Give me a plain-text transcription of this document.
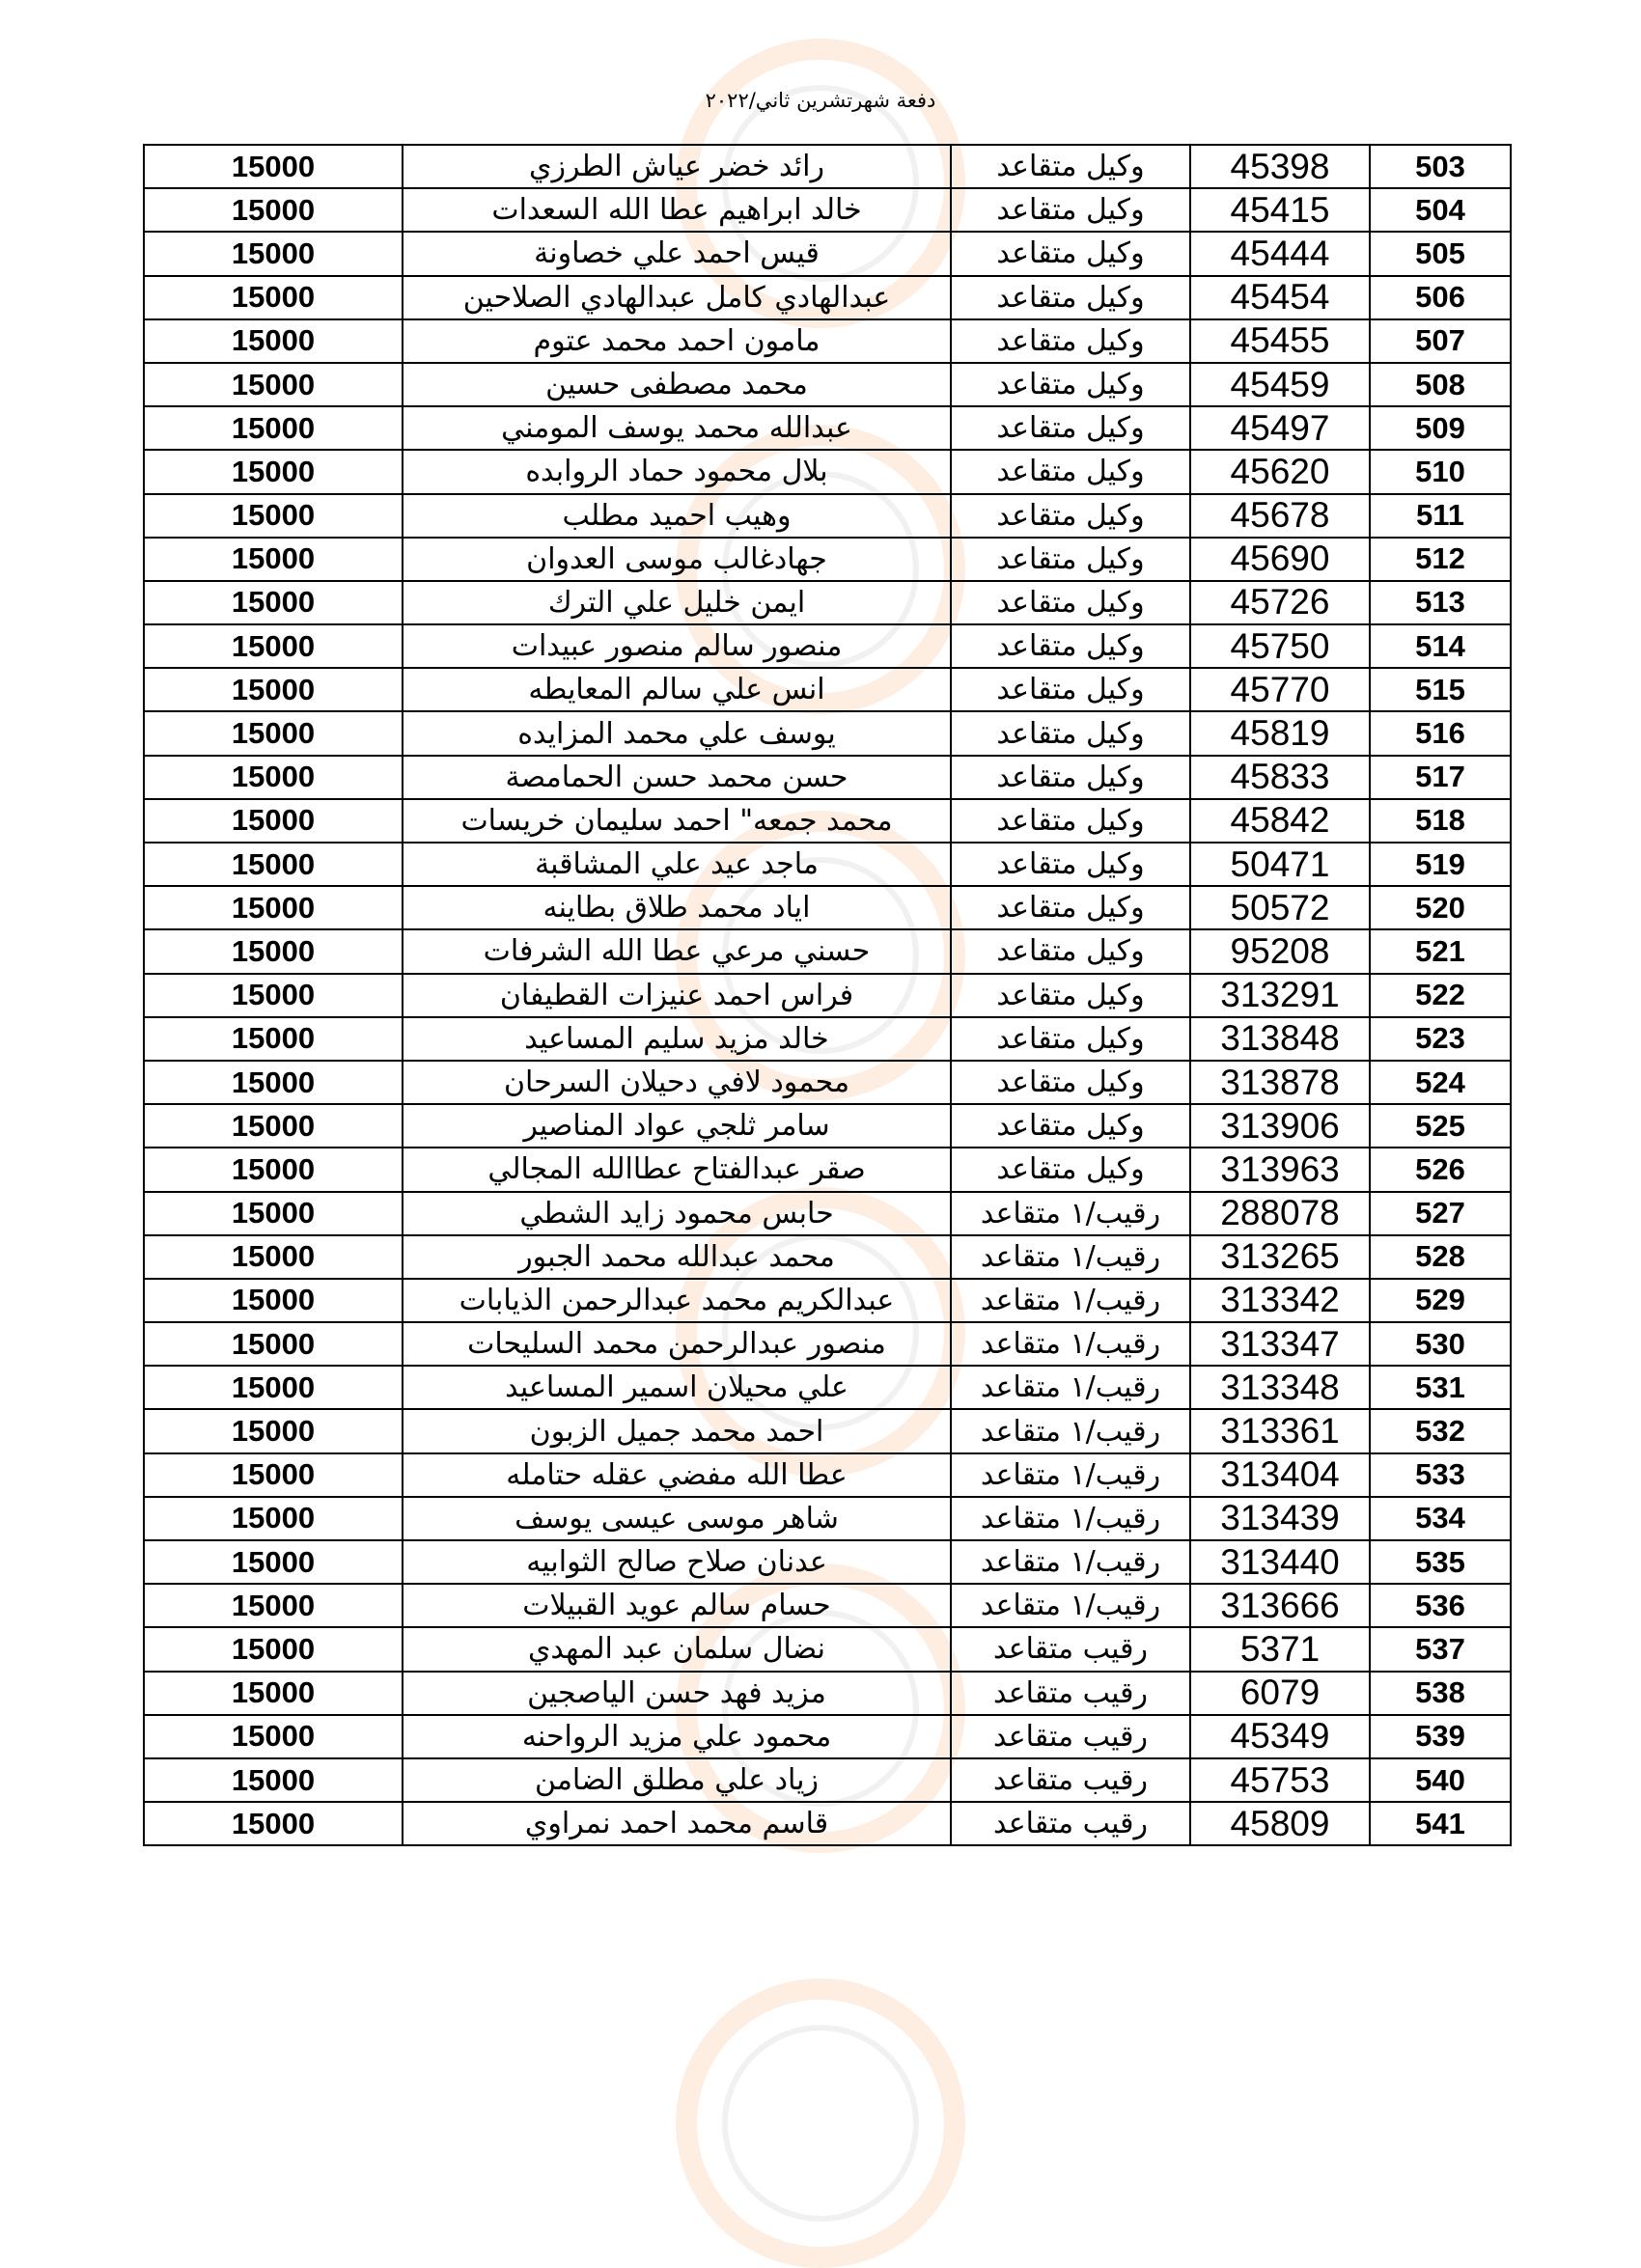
دفعة شهرتشرين ثاني/٢٠٢٢
15000	رائد خضر عياش الطرزي	وكيل متقاعد	45398	503
15000	خالد ابراهيم عطا الله السعدات	وكيل متقاعد	45415	504
15000	قيس احمد علي خصاونة	وكيل متقاعد	45444	505
15000	عبدالهادي كامل عبدالهادي الصلاحين	وكيل متقاعد	45454	506
15000	مامون احمد محمد عتوم	وكيل متقاعد	45455	507
15000	محمد مصطفى حسين	وكيل متقاعد	45459	508
15000	عبدالله محمد يوسف المومني	وكيل متقاعد	45497	509
15000	بلال محمود حماد الروابده	وكيل متقاعد	45620	510
15000	وهيب احميد مطلب	وكيل متقاعد	45678	511
15000	جهادغالب موسى العدوان	وكيل متقاعد	45690	512
15000	ايمن خليل علي الترك	وكيل متقاعد	45726	513
15000	منصور سالم منصور عبيدات	وكيل متقاعد	45750	514
15000	انس علي سالم المعايطه	وكيل متقاعد	45770	515
15000	يوسف علي محمد المزايده	وكيل متقاعد	45819	516
15000	حسن محمد حسن الحمامصة	وكيل متقاعد	45833	517
15000	محمد جمعه" احمد سليمان خريسات	وكيل متقاعد	45842	518
15000	ماجد عيد علي المشاقبة	وكيل متقاعد	50471	519
15000	اياد محمد طلاق بطاينه	وكيل متقاعد	50572	520
15000	حسني مرعي عطا الله الشرفات	وكيل متقاعد	95208	521
15000	فراس احمد عنيزات القطيفان	وكيل متقاعد	313291	522
15000	خالد مزيد سليم المساعيد	وكيل متقاعد	313848	523
15000	محمود لافي دحيلان السرحان	وكيل متقاعد	313878	524
15000	سامر ثلجي عواد المناصير	وكيل متقاعد	313906	525
15000	صقر عبدالفتاح عطاالله المجالي	وكيل متقاعد	313963	526
15000	حابس محمود زايد الشطي	رقيب/١ متقاعد	288078	527
15000	محمد عبدالله محمد الجبور	رقيب/١ متقاعد	313265	528
15000	عبدالكريم محمد عبدالرحمن الذيابات	رقيب/١ متقاعد	313342	529
15000	منصور عبدالرحمن محمد السليحات	رقيب/١ متقاعد	313347	530
15000	علي محيلان اسمير المساعيد	رقيب/١ متقاعد	313348	531
15000	احمد محمد جميل الزبون	رقيب/١ متقاعد	313361	532
15000	عطا الله مفضي عقله حتامله	رقيب/١ متقاعد	313404	533
15000	شاهر موسى عيسى يوسف	رقيب/١ متقاعد	313439	534
15000	عدنان صلاح صالح الثوابيه	رقيب/١ متقاعد	313440	535
15000	حسام سالم عويد القبيلات	رقيب/١ متقاعد	313666	536
15000	نضال سلمان عبد المهدي	رقيب متقاعد	5371	537
15000	مزيد فهد حسن الياصجين	رقيب متقاعد	6079	538
15000	محمود علي مزيد الرواحنه	رقيب متقاعد	45349	539
15000	زياد علي مطلق الضامن	رقيب متقاعد	45753	540
15000	قاسم محمد احمد نمراوي	رقيب متقاعد	45809	541
